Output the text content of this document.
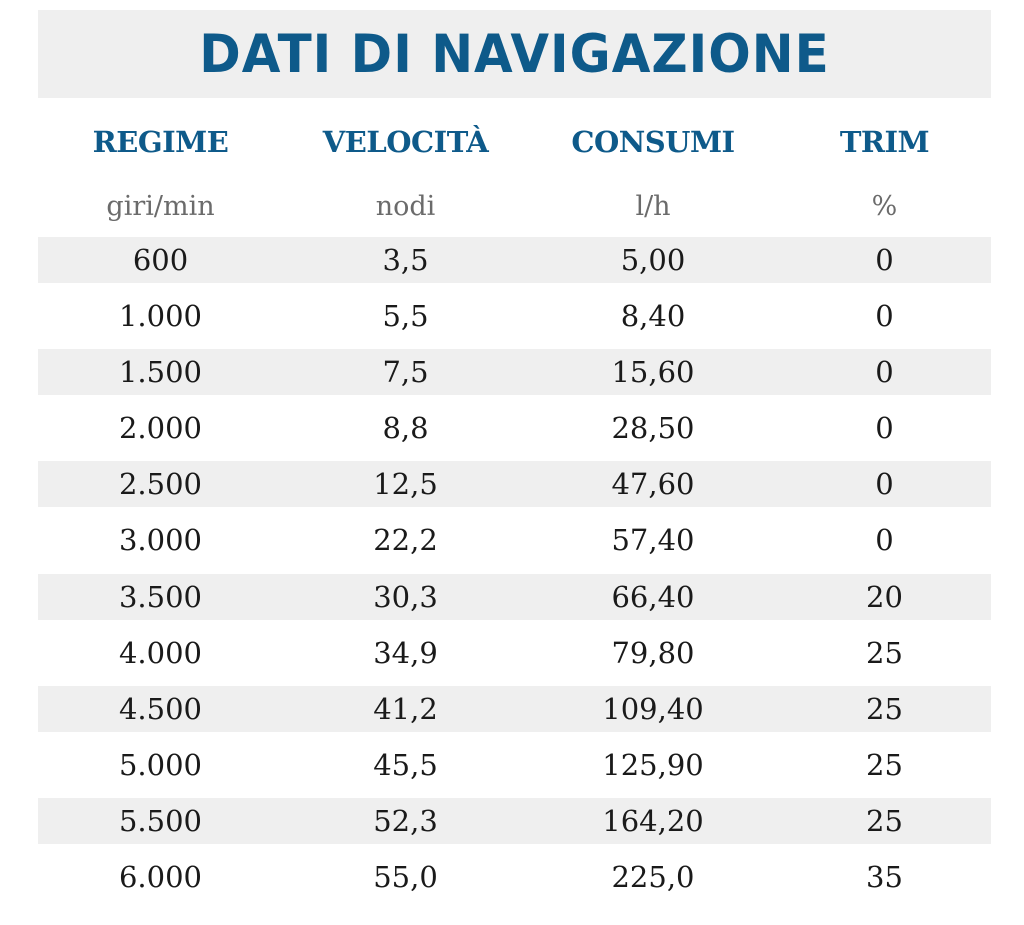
DATI DI NAVIGAZIONE
REGIME	VELOCITÀ	CONSUMI	TRIM
giri/min	nodi	l/h	%
600	3,5	5,00	0
1.000	5,5	8,40	0
1.500	7,5	15,60	0
2.000	8,8	28,50	0
2.500	12,5	47,60	0
3.000	22,2	57,40	0
3.500	30,3	66,40	20
4.000	34,9	79,80	25
4.500	41,2	109,40	25
5.000	45,5	125,90	25
5.500	52,3	164,20	25
6.000	55,0	225,0	35
